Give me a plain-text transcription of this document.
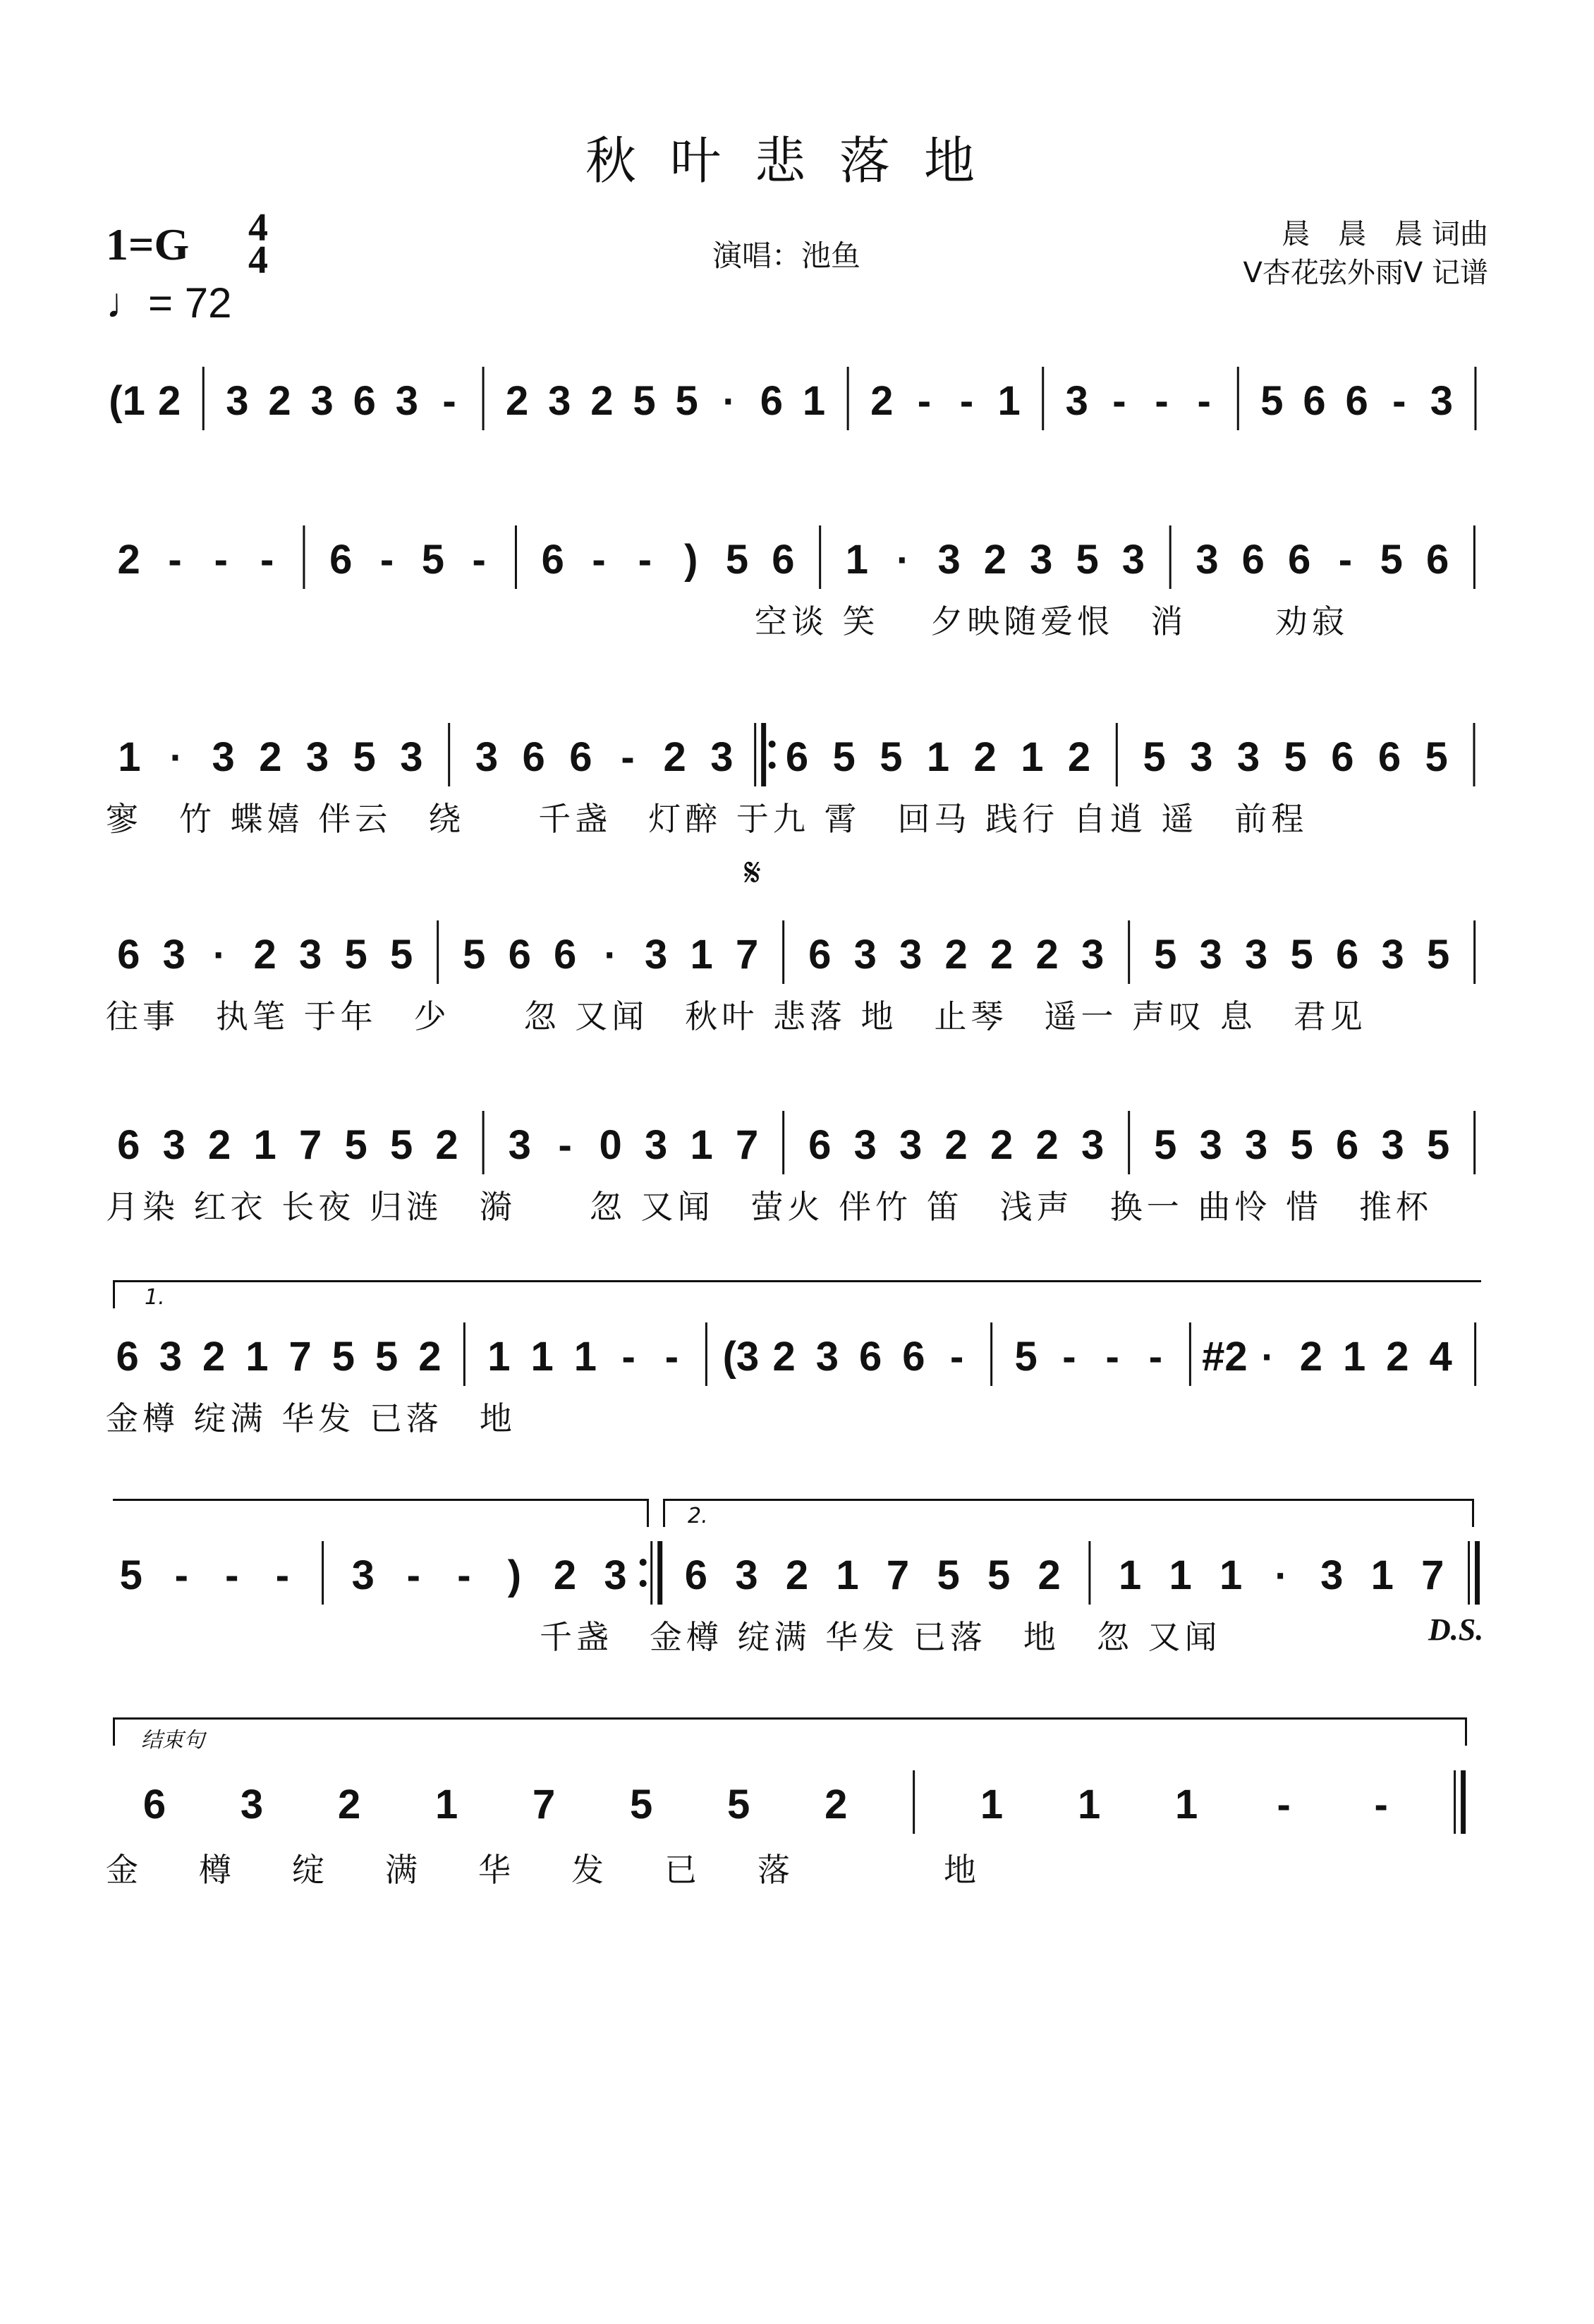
秋叶悲落地
1=G 4
4
♩= 72
演唱：池鱼
晨　晨　晨 词曲
V杏花弦外雨V 记谱
(1 2 3 2 3 6 3 - 2 3 2 5 5 · 6 1 2 - - 1 3 - - - 5 6 6 - 3
2 - - - 6 - 5 - 6 - - ) 5 6 1 · 3 2 3 5 3 3 6 6 - 5 6
空谈 笑　 夕映随爱恨　消　　 劝寂
1 · 3 2 3 5 3 3 6 6 - 2 3 6 5 5 1 2 1 2 5 3 3 5 6 6 5
寥　竹 蝶嬉 伴云　绕　　千盏　灯醉 于九 霄　回马 践行 自逍 遥　前程
𝄋
6 3 · 2 3 5 5 5 6 6 · 3 1 7 6 3 3 2 2 2 3 5 3 3 5 6 3 5
往事　执笔 于年　少　　忽 又闻　秋叶 悲落 地　止琴　遥一 声叹 息　君见
6 3 2 1 7 5 5 2 3 - 0 3 1 7 6 3 3 2 2 2 3 5 3 3 5 6 3 5
月染 红衣 长夜 归涟　漪　　忽 又闻　萤火 伴竹 笛　浅声　换一 曲怜 惜　推杯
1.
6 3 2 1 7 5 5 2 1 1 1 - - (3 2 3 6 6 - 5 - - - #2 · 2 1 2 4
金樽 绽满 华发 已落　地
2.
5 - - - 3 - - ) 2 3 6 3 2 1 7 5 5 2 1 1 1 · 3 1 7
千盏　金樽 绽满 华发 已落　地　忽 又闻	D.S.
结束句
6 3 2 1 7 5 5 2	1 1 1 - -
金　樽　绽　满　华　发　已　落　　　地
